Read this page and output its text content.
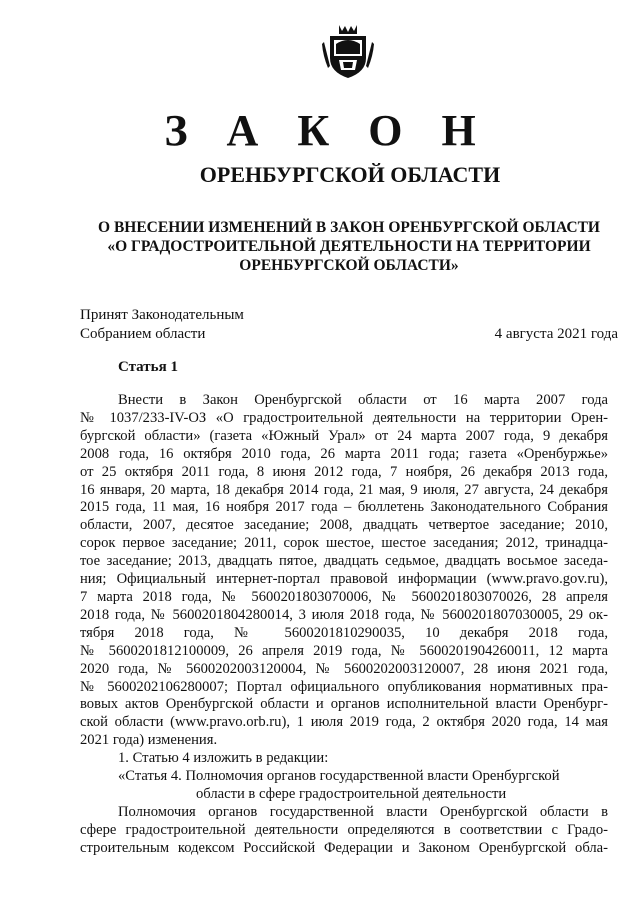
З А К О Н
ОРЕНБУРГСКОЙ ОБЛАСТИ
О ВНЕСЕНИИ ИЗМЕНЕНИЙ В ЗАКОН ОРЕНБУРГСКОЙ ОБЛАСТИ
«О ГРАДОСТРОИТЕЛЬНОЙ ДЕЯТЕЛЬНОСТИ НА ТЕРРИТОРИИ
ОРЕНБУРГСКОЙ ОБЛАСТИ»
Принят Законодательным
Собранием области	4 августа 2021 года
Статья 1
Внести в Закон Оренбургской области от 16 марта 2007 года
№ 1037/233-IV-ОЗ «О градостроительной деятельности на территории Орен-
бургской области» (газета «Южный Урал» от 24 марта 2007 года, 9 декабря
2008 года, 16 октября 2010 года, 26 марта 2011 года; газета «Оренбуржье»
от 25 октября 2011 года, 8 июня 2012 года, 7 ноября, 26 декабря 2013 года,
16 января, 20 марта, 18 декабря 2014 года, 21 мая, 9 июля, 27 августа, 24 декабря
2015 года, 11 мая, 16 ноября 2017 года – бюллетень Законодательного Собрания
области, 2007, десятое заседание; 2008, двадцать четвертое заседание; 2010,
сорок первое заседание; 2011, сорок шестое, шестое заседания; 2012, тринадца-
тое заседание; 2013, двадцать пятое, двадцать седьмое, двадцать восьмое заседа-
ния; Официальный интернет-портал правовой информации (www.pravo.gov.ru),
7 марта 2018 года, № 5600201803070006, № 5600201803070026, 28 апреля
2018 года, № 5600201804280014, 3 июля 2018 года, № 5600201807030005, 29 ок-
тября 2018 года, № 5600201810290035, 10 декабря 2018 года,
№ 5600201812100009, 26 апреля 2019 года, № 5600201904260011, 12 марта
2020 года, № 5600202003120004, № 5600202003120007, 28 июня 2021 года,
№ 5600202106280007; Портал официального опубликования нормативных пра-
вовых актов Оренбургской области и органов исполнительной власти Оренбург-
ской области (www.pravo.orb.ru), 1 июля 2019 года, 2 октября 2020 года, 14 мая
2021 года) изменения.
1. Статью 4 изложить в редакции:
«Статья 4. Полномочия органов государственной власти Оренбургской
области в сфере градостроительной деятельности
Полномочия органов государственной власти Оренбургской области в
сфере градостроительной деятельности определяются в соответствии с Градо-
строительным кодексом Российской Федерации и Законом Оренбургской обла-
